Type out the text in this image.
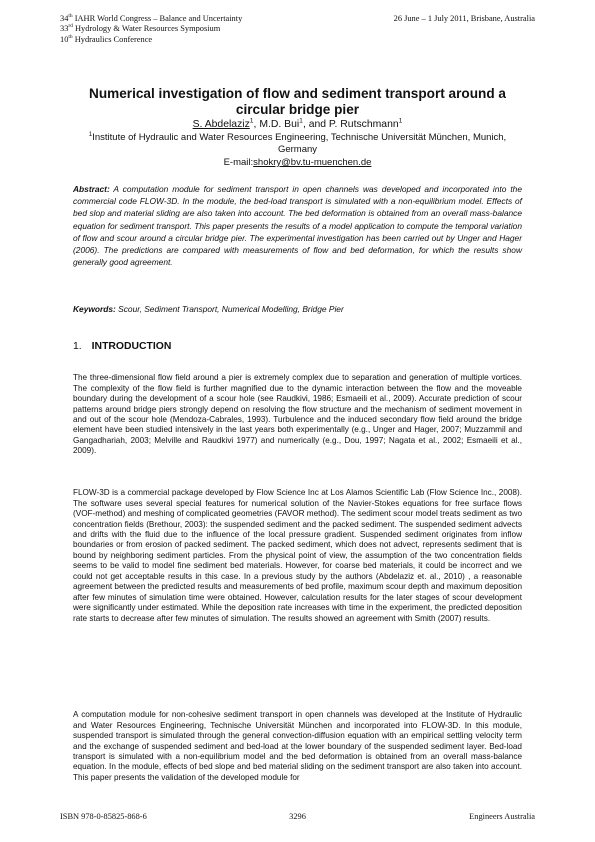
34th IAHR World Congress – Balance and Uncertainty
33rd Hydrology & Water Resources Symposium
10th Hydraulics Conference
26 June – 1 July 2011, Brisbane, Australia
Numerical investigation of flow and sediment transport around a circular bridge pier
S. Abdelaziz$^1$, M.D. Bui$^1$, and P. Rutschmann$^1$
$^1$Institute of Hydraulic and Water Resources Engineering, Technische Universität München, Munich, Germany
E-mail:shokry@bv.tu-muenchen.de
Abstract: A computation module for sediment transport in open channels was developed and incorporated into the commercial code FLOW-3D. In the module, the bed-load transport is simulated with a non-equilibrium model. Effects of bed slop and material sliding are also taken into account. The bed deformation is obtained from an overall mass-balance equation for sediment transport. This paper presents the results of a model application to compute the temporal variation of flow and scour around a circular bridge pier. The experimental investigation has been carried out by Unger and Hager (2006). The predictions are compared with measurements of flow and bed deformation, for which the results show generally good agreement.
Keywords: Scour, Sediment Transport, Numerical Modelling, Bridge Pier
1. INTRODUCTION

The three-dimensional flow field around a pier is extremely complex due to separation and generation of multiple vortices. The complexity of the flow field is further magnified due to the dynamic interaction between the flow and the moveable boundary during the development of a scour hole (see Raudkivi, 1986; Esmaeili et al., 2009). Accurate prediction of scour patterns around bridge piers strongly depend on resolving the flow structure and the mechanism of sediment movement in and out of the scour hole (Mendoza-Cabrales, 1993). Turbulence and the induced secondary flow field around the bridge element have been studied intensively in the last years both experimentally (e.g., Unger and Hager, 2007; Muzzammil and Gangadhariah, 2003; Melville and Raudkivi 1977) and numerically (e.g., Dou, 1997; Nagata et al., 2002; Esmaeili et al., 2009).

FLOW-3D is a commercial package developed by Flow Science Inc at Los Alamos Scientific Lab (Flow Science Inc., 2008). The software uses several special features for numerical solution of the Navier-Stokes equations for free surface flows (VOF-method) and meshing of complicated geometries (FAVOR method). The sediment scour model treats sediment as two concentration fields (Brethour, 2003): the suspended sediment and the packed sediment. The suspended sediment advects and drifts with the fluid due to the influence of the local pressure gradient. Suspended sediment originates from inflow boundaries or from erosion of packed sediment. The packed sediment, which does not advect, represents sediment that is bound by neighboring sediment particles. From the physical point of view, the assumption of the two concentration fields seems to be valid to model fine sediment bed materials. However, for coarse bed materials, it could be incorrect and we could not get acceptable results in this case. In a previous study by the authors (Abdelaziz et. al., 2010) , a reasonable agreement between the predicted results and measurements of bed profile, maximum scour depth and maximum deposition after few minutes of simulation time were obtained. However, calculation results for the later stages of scour development were significantly under estimated. While the deposition rate increases with time in the experiment, the predicted deposition rate starts to decrease after few minutes of simulation. The results showed an agreement with Smith (2007) results.

A computation module for non-cohesive sediment transport in open channels was developed at the Institute of Hydraulic and Water Resources Engineering, Technische Universität München and incorporated into FLOW-3D. In this module, suspended transport is simulated through the general convection-diffusion equation with an empirical settling velocity term and the exchange of suspended sediment and bed-load at the lower boundary of the suspended sediment layer. Bed-load transport is simulated with a non-equilibrium model and the bed deformation is obtained from an overall mass-balance equation. In the module, effects of bed slope and bed material sliding on the sediment transport are also taken into account. This paper presents the validation of the developed module for

ISBN 978-0-85825-868-6	3296	Engineers Australia
